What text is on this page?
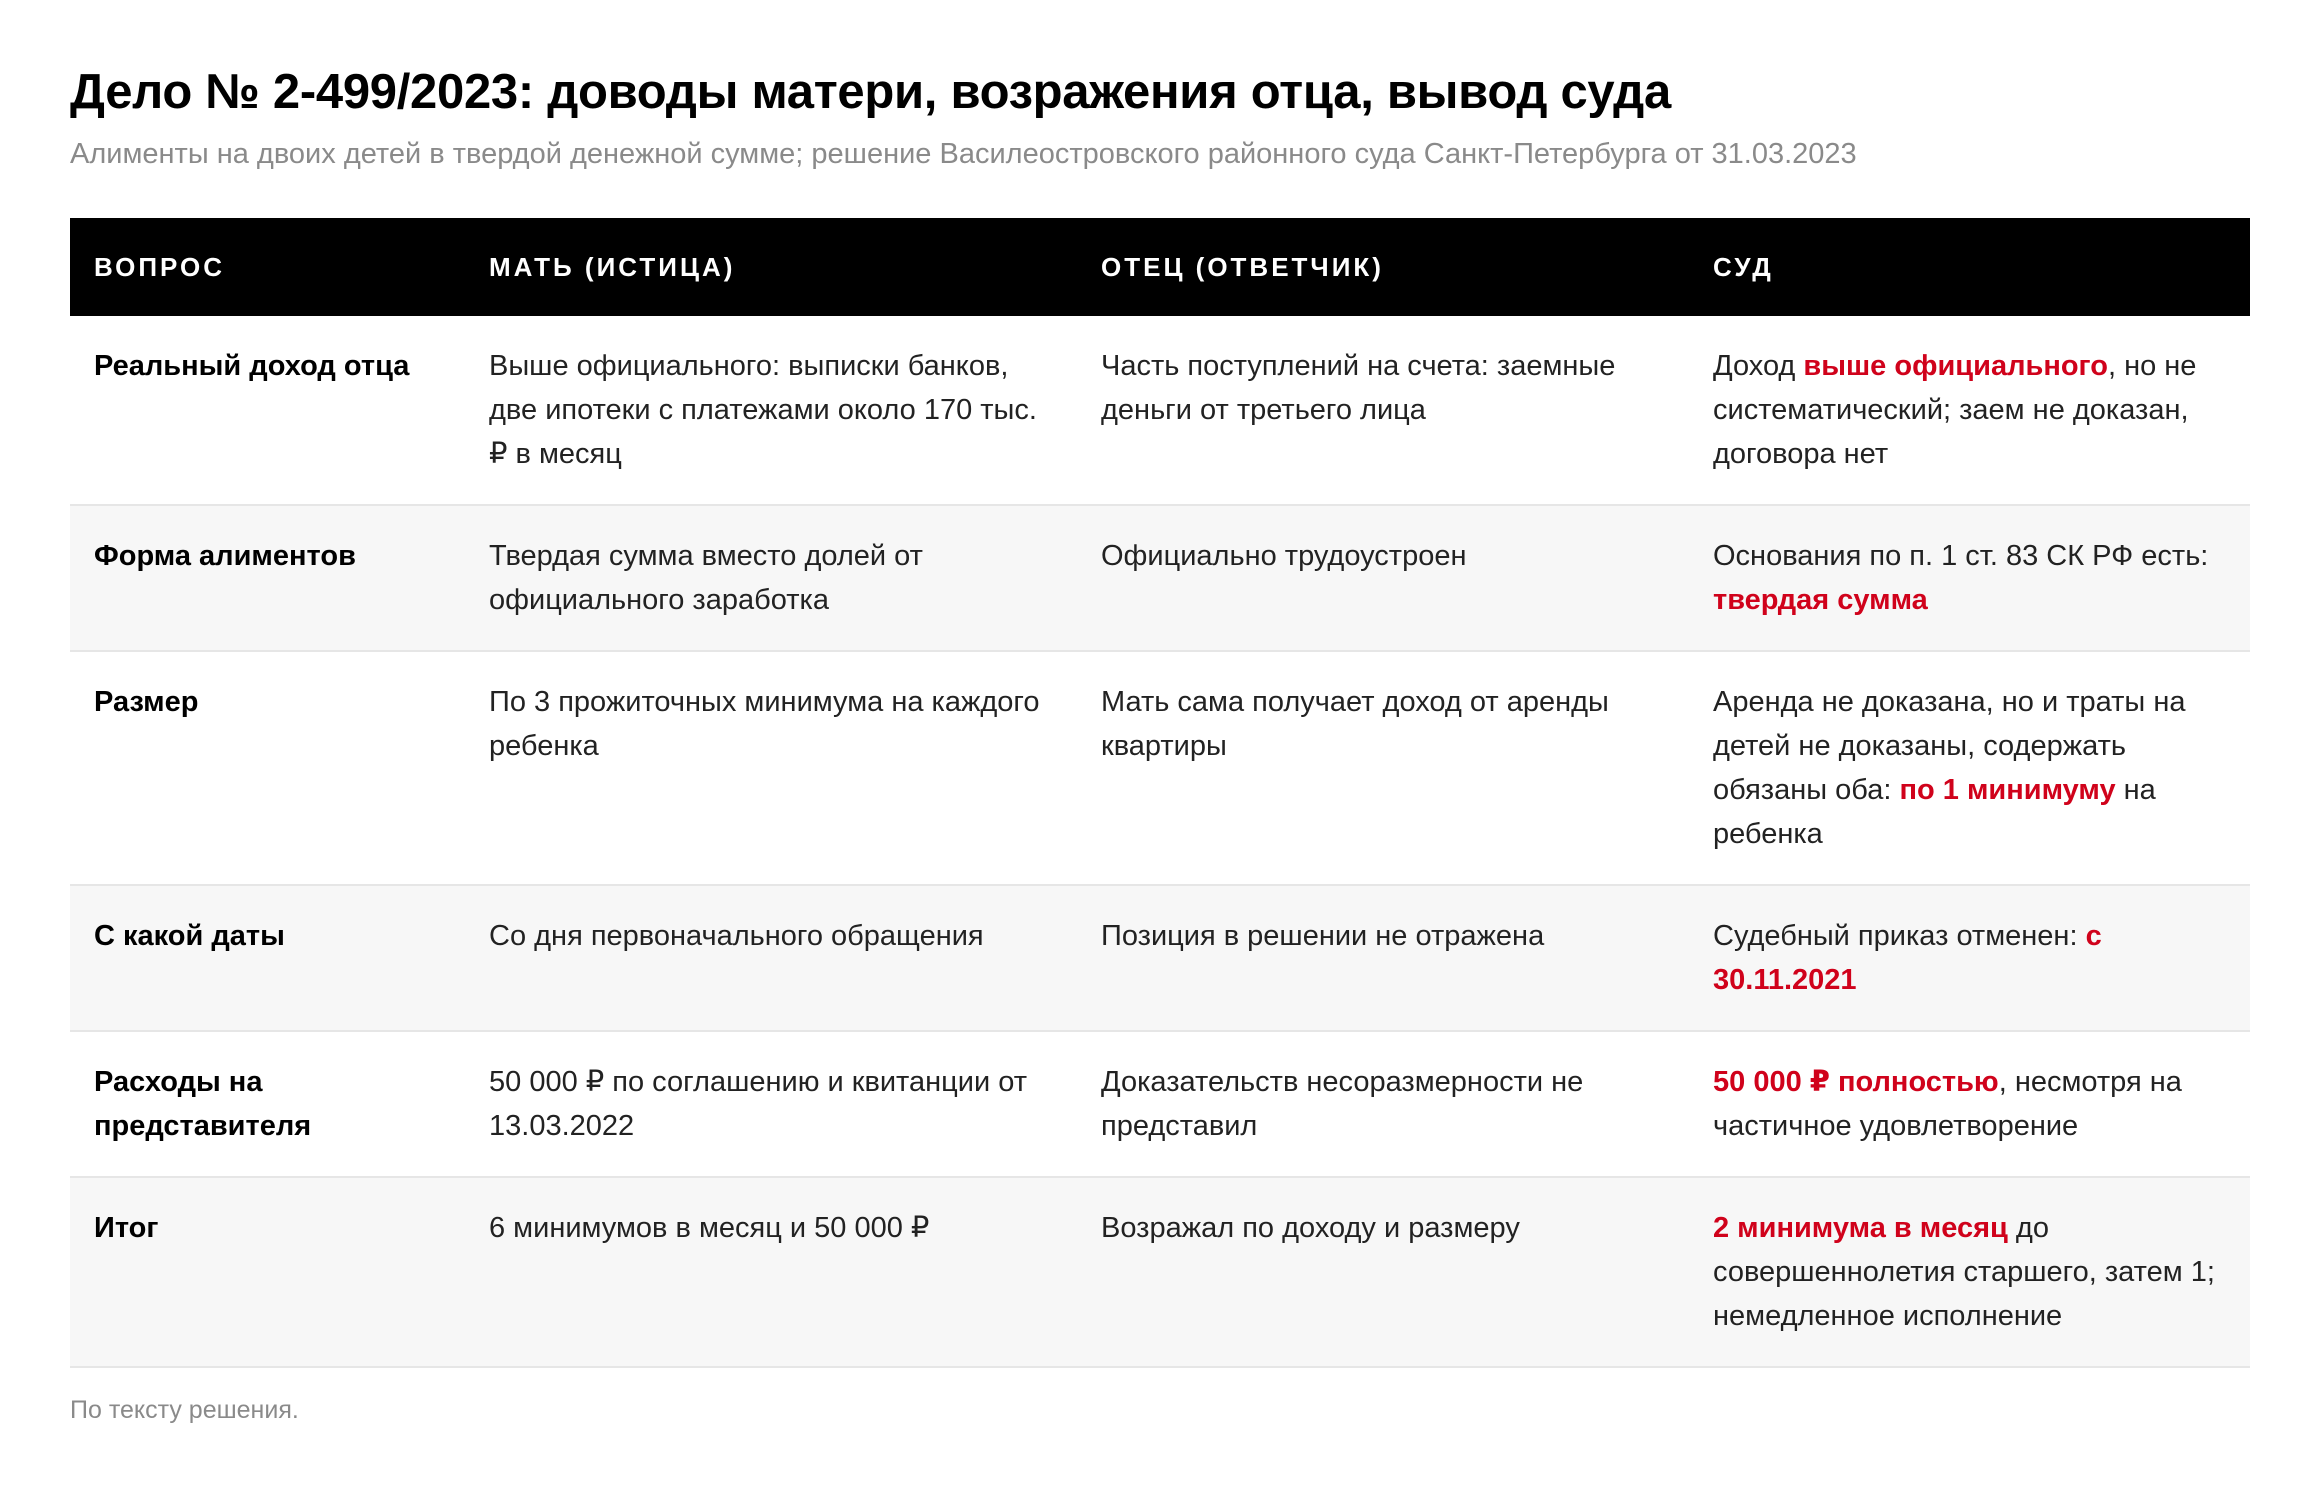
Дело № 2-499/2023: доводы матери, возражения отца, вывод суда
Алименты на двоих детей в твердой денежной сумме; решение Василеостровского районного суда Санкт-Петербурга от 31.03.2023
ВОПРОС	МАТЬ (ИСТИЦА)	ОТЕЦ (ОТВЕТЧИК)	СУД
Реальный доход отца	Выше официального: выписки банков, две ипотеки с платежами около 170 тыс. ₽ в месяц	Часть поступлений на счета: заемные деньги от третьего лица	Доход выше официального, но не систематический; заем не доказан, договора нет
Форма алиментов	Твердая сумма вместо долей от официального заработка	Официально трудоустроен	Основания по п. 1 ст. 83 СК РФ есть: твердая сумма
Размер	По 3 прожиточных минимума на каждого ребенка	Мать сама получает доход от аренды квартиры	Аренда не доказана, но и траты на детей не доказаны, содержать обязаны оба: по 1 минимуму на ребенка
С какой даты	Со дня первоначального обращения	Позиция в решении не отражена	Судебный приказ отменен: с 30.11.2021
Расходы на представителя	50 000 ₽ по соглашению и квитанции от 13.03.2022	Доказательств несоразмерности не представил	50 000 ₽ полностью, несмотря на частичное удовлетворение
Итог	6 минимумов в месяц и 50 000 ₽	Возражал по доходу и размеру	2 минимума в месяц до совершеннолетия старшего, затем 1; немедленное исполнение
По тексту решения.
